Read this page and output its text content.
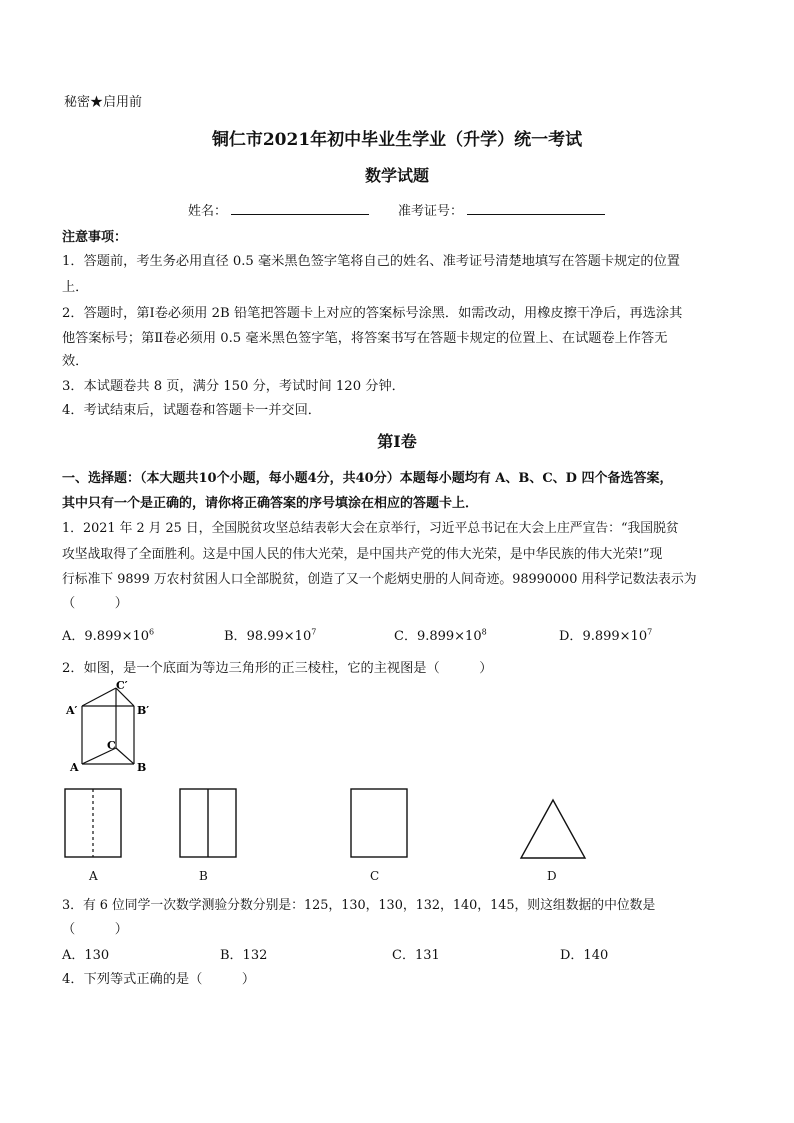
秘密★启用前
铜仁市2021年初中毕业生学业（升学）统一考试
数学试题
姓名：	准考证号：
注意事项：
1．答题前，考生务必用直径 0.5 毫米黑色签字笔将自己的姓名、准考证号清楚地填写在答题卡规定的位置
上．
2．答题时，第Ⅰ卷必须用 2B 铅笔把答题卡上对应的答案标号涂黑．如需改动，用橡皮擦干净后，再选涂其
他答案标号；第Ⅱ卷必须用 0.5 毫米黑色签字笔，将答案书写在答题卡规定的位置上、在试题卷上作答无
效．
3．本试题卷共 8 页，满分 150 分，考试时间 120 分钟．
4．考试结束后，试题卷和答题卡一并交回．
第Ⅰ卷
一、选择题：（本大题共10个小题，每小题4分，共40分）本题每小题均有 A、B、C、D 四个备选答案，
其中只有一个是正确的，请你将正确答案的序号填涂在相应的答题卡上．
1．2021 年 2 月 25 日，全国脱贫攻坚总结表彰大会在京举行，习近平总书记在大会上庄严宣告：“我国脱贫
攻坚战取得了全面胜利。这是中国人民的伟大光荣，是中国共产党的伟大光荣，是中华民族的伟大光荣!”现
行标准下 9899 万农村贫困人口全部脱贫，创造了又一个彪炳史册的人间奇迹。98990000 用科学记数法表示为
（　　　）
A．$9.899\times 10^6$	B．$98.99\times 10^7$	C．$9.899\times 10^8$	D．$9.899\times 10^7$
2．如图，是一个底面为等边三角形的正三棱柱，它的主视图是（　　　）
C′
A′	B′
C
A	B
A	B	C	D
3．有 6 位同学一次数学测验分数分别是：125，130，130，132，140，145，则这组数据的中位数是
（　　　）
A．130	B．132	C．131	D．140
4．下列等式正确的是（　　　）
